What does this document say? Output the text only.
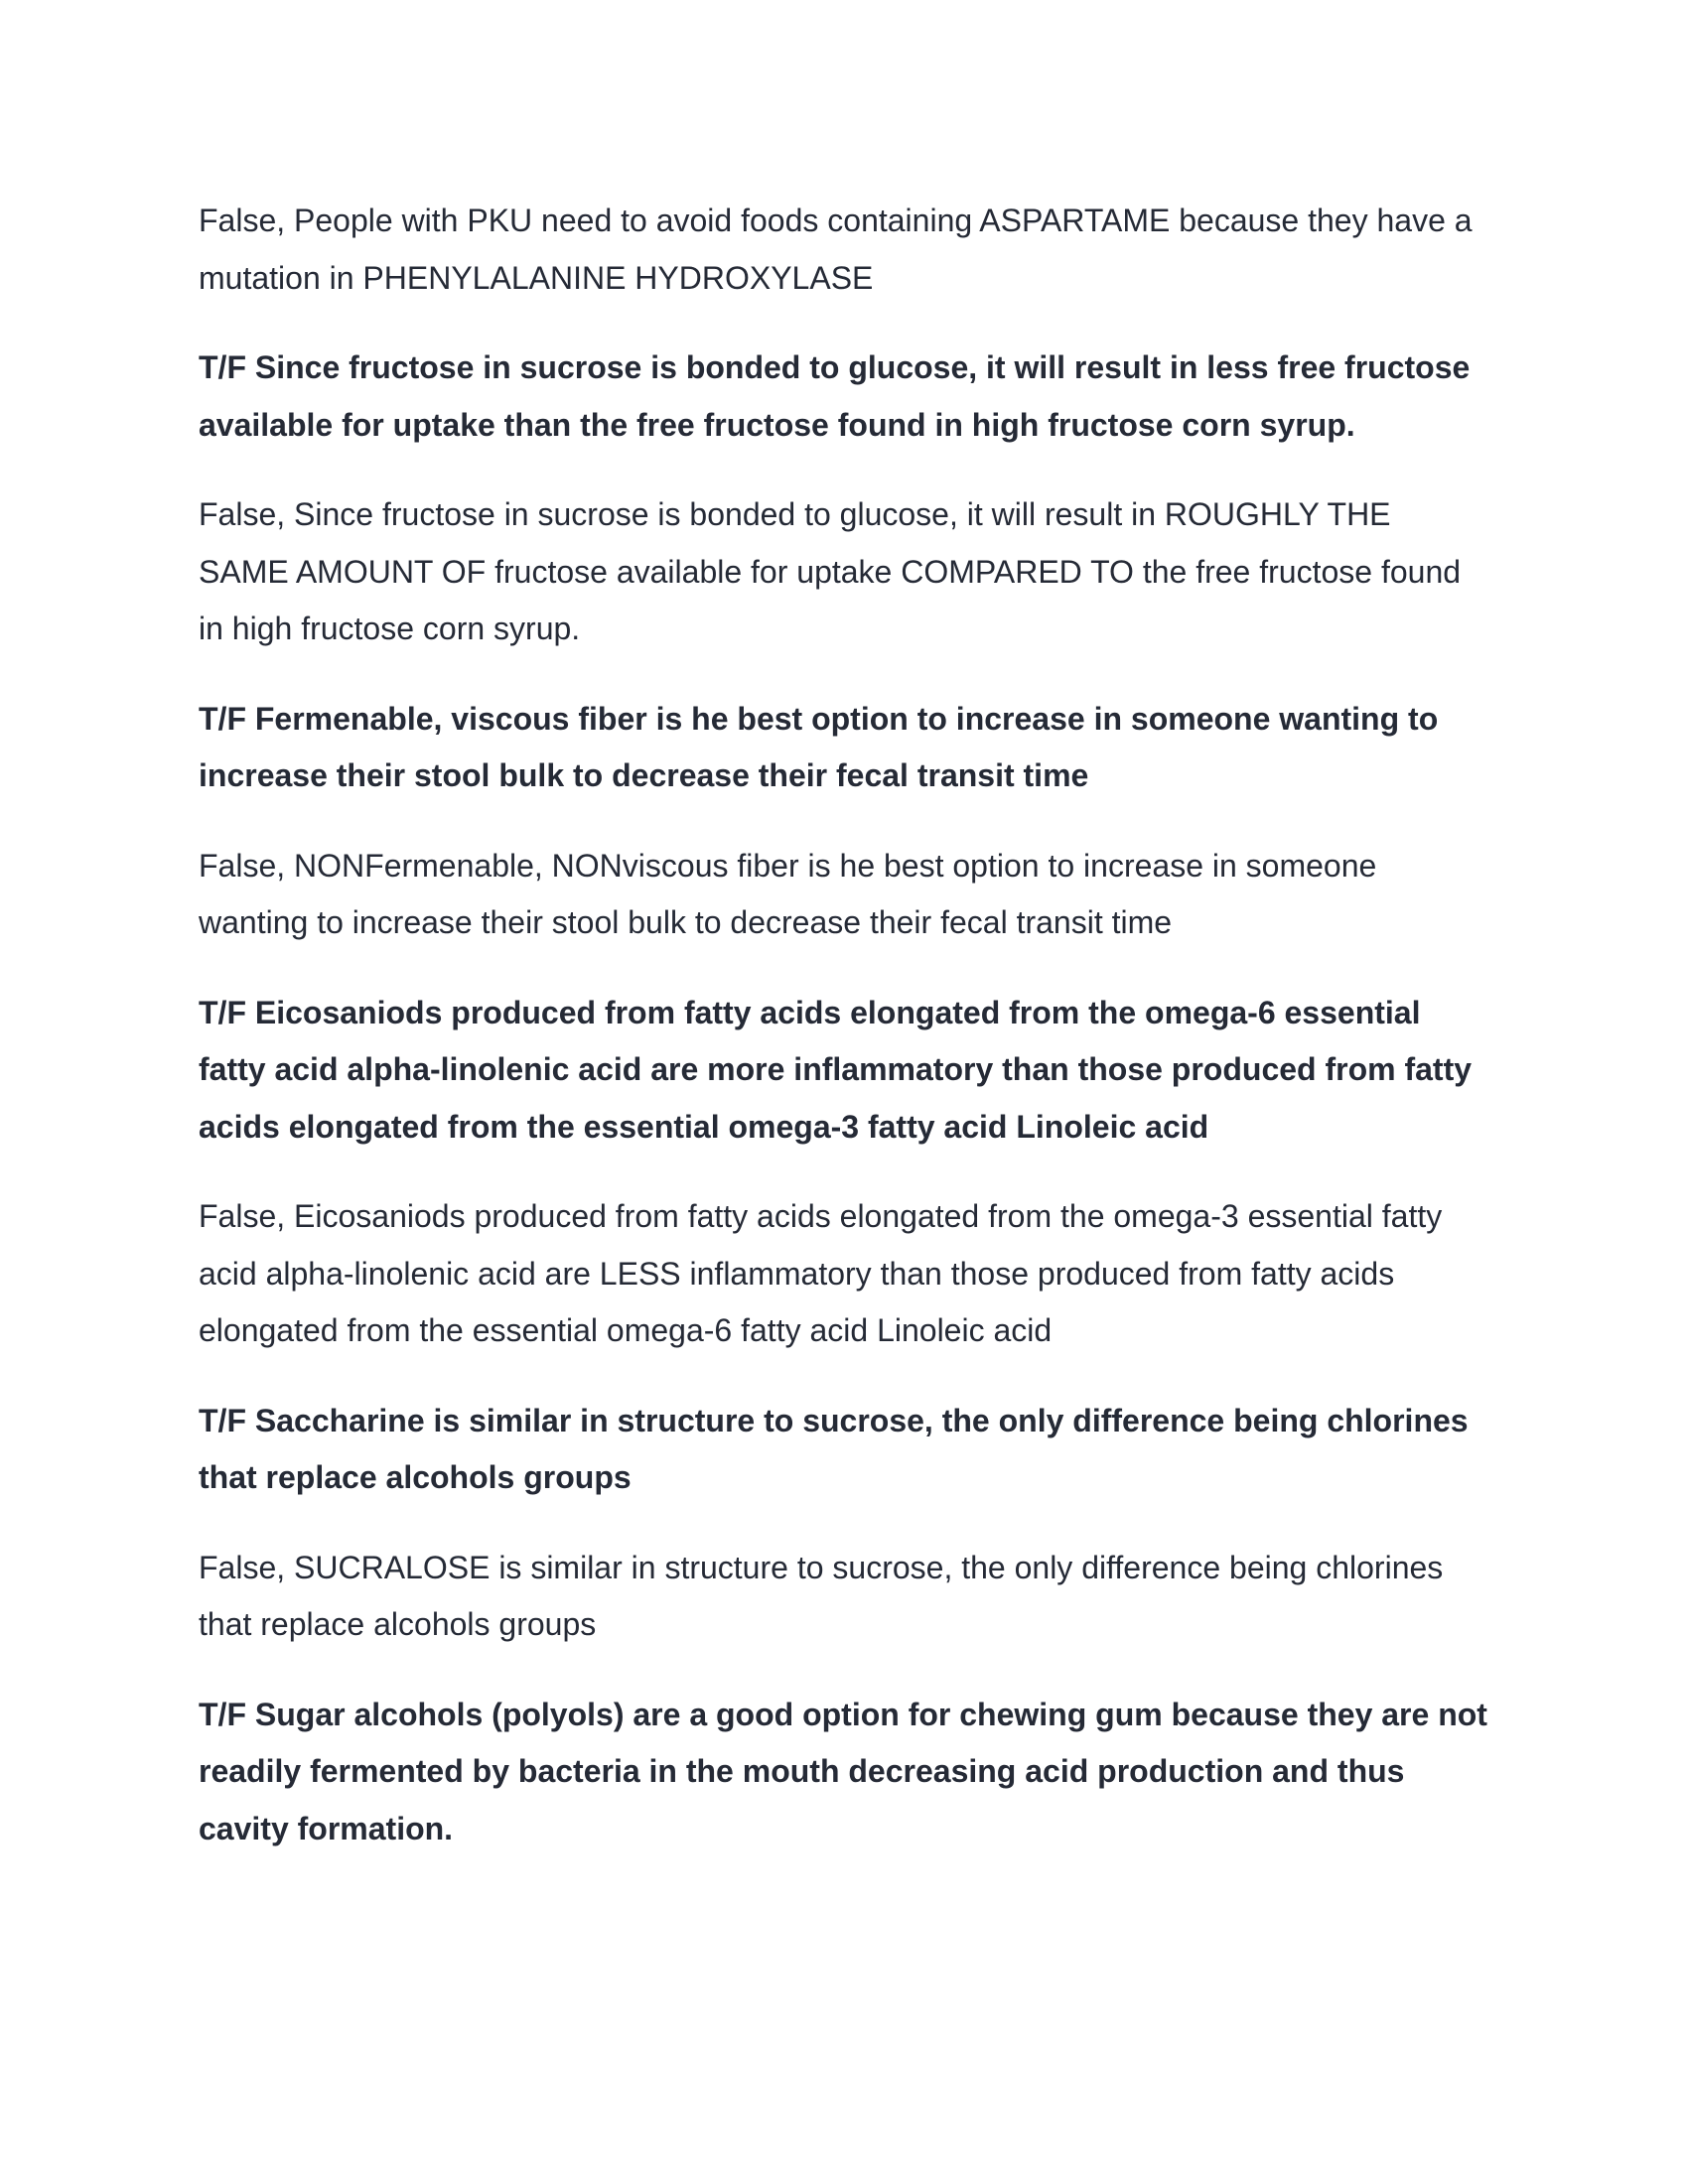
False, People with PKU need to avoid foods containing ASPARTAME because they have a mutation in PHENYLALANINE HYDROXYLASE

T/F Since fructose in sucrose is bonded to glucose, it will result in less free fructose available for uptake than the free fructose found in high fructose corn syrup.

False, Since fructose in sucrose is bonded to glucose, it will result in ROUGHLY THE SAME AMOUNT OF fructose available for uptake COMPARED TO the free fructose found in high fructose corn syrup.

T/F Fermenable, viscous fiber is he best option to increase in someone wanting to increase their stool bulk to decrease their fecal transit time

False, NONFermenable, NONviscous fiber is he best option to increase in someone wanting to increase their stool bulk to decrease their fecal transit time

T/F Eicosaniods produced from fatty acids elongated from the omega-6 essential fatty acid alpha-linolenic acid are more inflammatory than those produced from fatty acids elongated from the essential omega-3 fatty acid Linoleic acid

False, Eicosaniods produced from fatty acids elongated from the omega-3 essential fatty acid alpha-linolenic acid are LESS inflammatory than those produced from fatty acids elongated from the essential omega-6 fatty acid Linoleic acid

T/F Saccharine is similar in structure to sucrose, the only difference being chlorines that replace alcohols groups

False, SUCRALOSE is similar in structure to sucrose, the only difference being chlorines that replace alcohols groups

T/F Sugar alcohols (polyols) are a good option for chewing gum because they are not readily fermented by bacteria in the mouth decreasing acid production and thus cavity formation.
